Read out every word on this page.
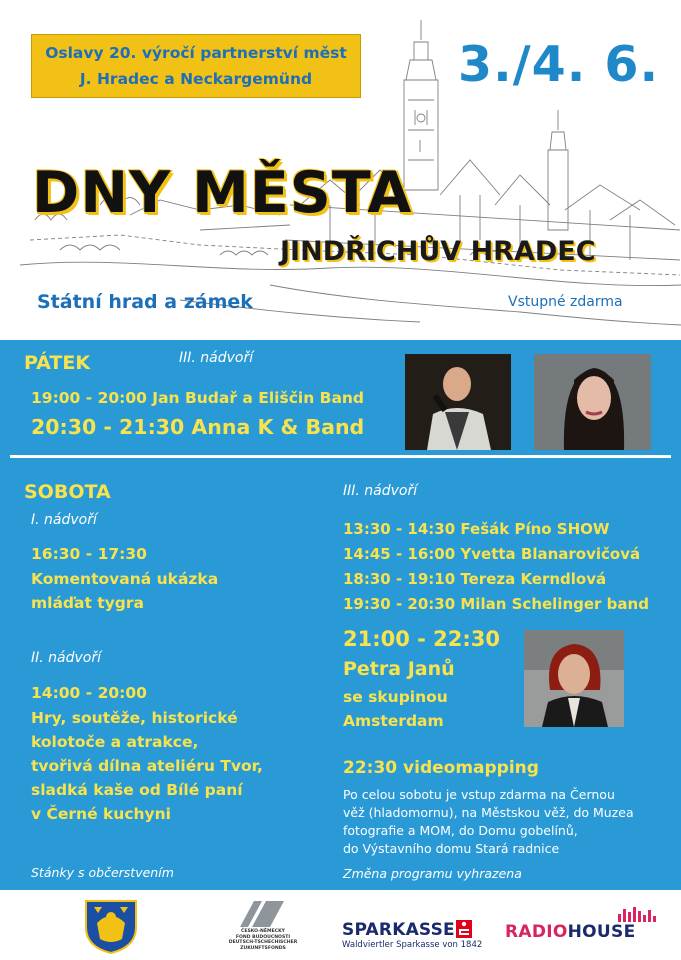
Oslavy 20. výročí partnerství měst
J. Hradec a Neckargemünd	3./4. 6.
DNY MĚSTA
JINDŘICHŮV HRADEC
Státní hrad a zámek	Vstupné zdarma
PÁTEK	III. nádvoří
19:00 - 20:00 Jan Budař a Eliščin Band
20:30 - 21:30 Anna K & Band
SOBOTA
I. nádvoří
16:30 - 17:30
Komentovaná ukázka
mláďat tygra
II. nádvoří
14:00 - 20:00
Hry, soutěže, historické
kolotoče a atrakce,
tvořivá dílna ateliéru Tvor,
sladká kaše od Bílé paní
v Černé kuchyni
Stánky s občerstvením
III. nádvoří
13:30 - 14:30 Fešák Píno SHOW
14:45 - 16:00 Yvetta Blanarovičová
18:30 - 19:10 Tereza Kerndlová
19:30 - 20:30 Milan Schelinger band
21:00 - 22:30
Petra Janů
se skupinou
Amsterdam
22:30 videomapping
Po celou sobotu je vstup zdarma na Černou
věž (hladomornu), na Městskou věž, do Muzea
fotografie a MOM, do Domu gobelínů,
do Výstavního domu Stará radnice
Změna programu vyhrazena
ČESKO-NĚMECKÝ
FOND BUDOUCNOSTI
DEUTSCH-TSCHECHISCHER
ZUKUNFTSFONDS
SPARKASSE
Waldviertler Sparkasse von 1842
RADIOHOUSE
